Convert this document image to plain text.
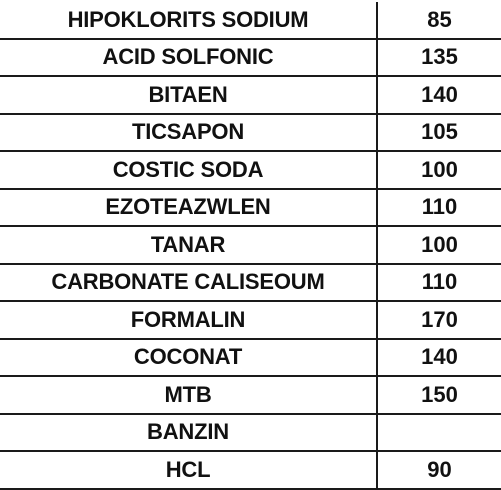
HIPOKLORITS SODIUM	85
ACID SOLFONIC	135
BITAEN	140
TICSAPON	105
COSTIC SODA	100
EZOTEAZWLEN	110
TANAR	100
CARBONATE CALISEOUM	110
FORMALIN	170
COCONAT	140
MTB	150
BANZIN	
HCL	90
